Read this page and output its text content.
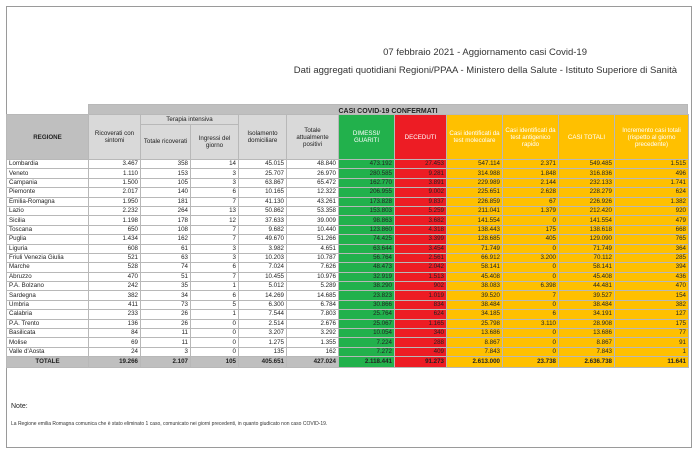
07 febbraio 2021 - Aggiornamento casi Covid-19
Dati aggregati quotidiani Regioni/PPAA - Ministero della Salute - Istituto Superiore di Sanità
Note:
La Regione emilia Romagna comunica che è stato eliminato 1 caso, comunicato nei giorni precedenti, in quanto giudicato non caso COVID-19.
CASI COVID-19 CONFERMATI
REGIONE	Ricoverati con sintomi	Terapia intensiva		Isolamento domiciliare	Totale attualmente positivi	DIMESSI/ GUARITI	DECEDUTI	Casi identificati da test molecolare	Casi identificati da test antigenico rapido	CASI TOTALI	Incremento casi totali (rispetto al giorno precedente)
		Totale ricoverati	Ingressi del giorno								
Lombardia	3.467	358	14	45.015	48.840	473.192	27.453	547.114	2.371	549.485	1.515
Veneto	1.110	153	3	25.707	26.970	280.585	9.281	314.988	1.848	316.836	496
Campania	1.500	105	3	63.867	65.472	162.770	3.891	229.989	2.144	232.133	1.741
Piemonte	2.017	140	6	10.165	12.322	206.955	9.002	225.651	2.628	228.279	624
Emilia-Romagna	1.950	181	7	41.130	43.261	173.828	9.837	226.859	67	226.926	1.382
Lazio	2.232	264	13	50.862	53.358	153.803	5.259	211.041	1.379	212.420	920
Sicilia	1.198	178	12	37.633	39.009	98.863	3.682	141.554	0	141.554	479
Toscana	650	108	7	9.682	10.440	123.860	4.318	138.443	175	138.618	668
Puglia	1.434	162	7	49.670	51.266	74.425	3.399	128.685	405	129.090	765
Liguria	608	61	3	3.982	4.651	63.644	3.454	71.749	0	71.749	364
Friuli Venezia Giulia	521	63	3	10.203	10.787	56.764	2.561	66.912	3.200	70.112	285
Marche	528	74	6	7.024	7.626	48.473	2.042	58.141	0	58.141	394
Abruzzo	470	51	7	10.455	10.976	32.919	1.513	45.408	0	45.408	436
P.A. Bolzano	242	35	1	5.012	5.289	38.290	902	38.083	6.398	44.481	470
Sardegna	382	34	6	14.269	14.685	23.823	1.019	39.520	7	39.527	154
Umbria	411	73	5	6.300	6.784	30.866	834	38.484	0	38.484	382
Calabria	233	26	1	7.544	7.803	25.764	624	34.185	6	34.191	127
P.A. Trento	136	26	0	2.514	2.676	25.067	1.165	25.798	3.110	28.908	175
Basilicata	84	11	0	3.207	3.292	10.054	340	13.686	0	13.686	77
Molise	69	11	0	1.275	1.355	7.224	288	8.867	0	8.867	91
Valle d'Aosta	24	3	0	135	162	7.272	409	7.843	0	7.843	1
TOTALE	19.266	2.107	105	405.651	427.024	2.118.441	91.273	2.613.000	23.738	2.636.738	11.641
